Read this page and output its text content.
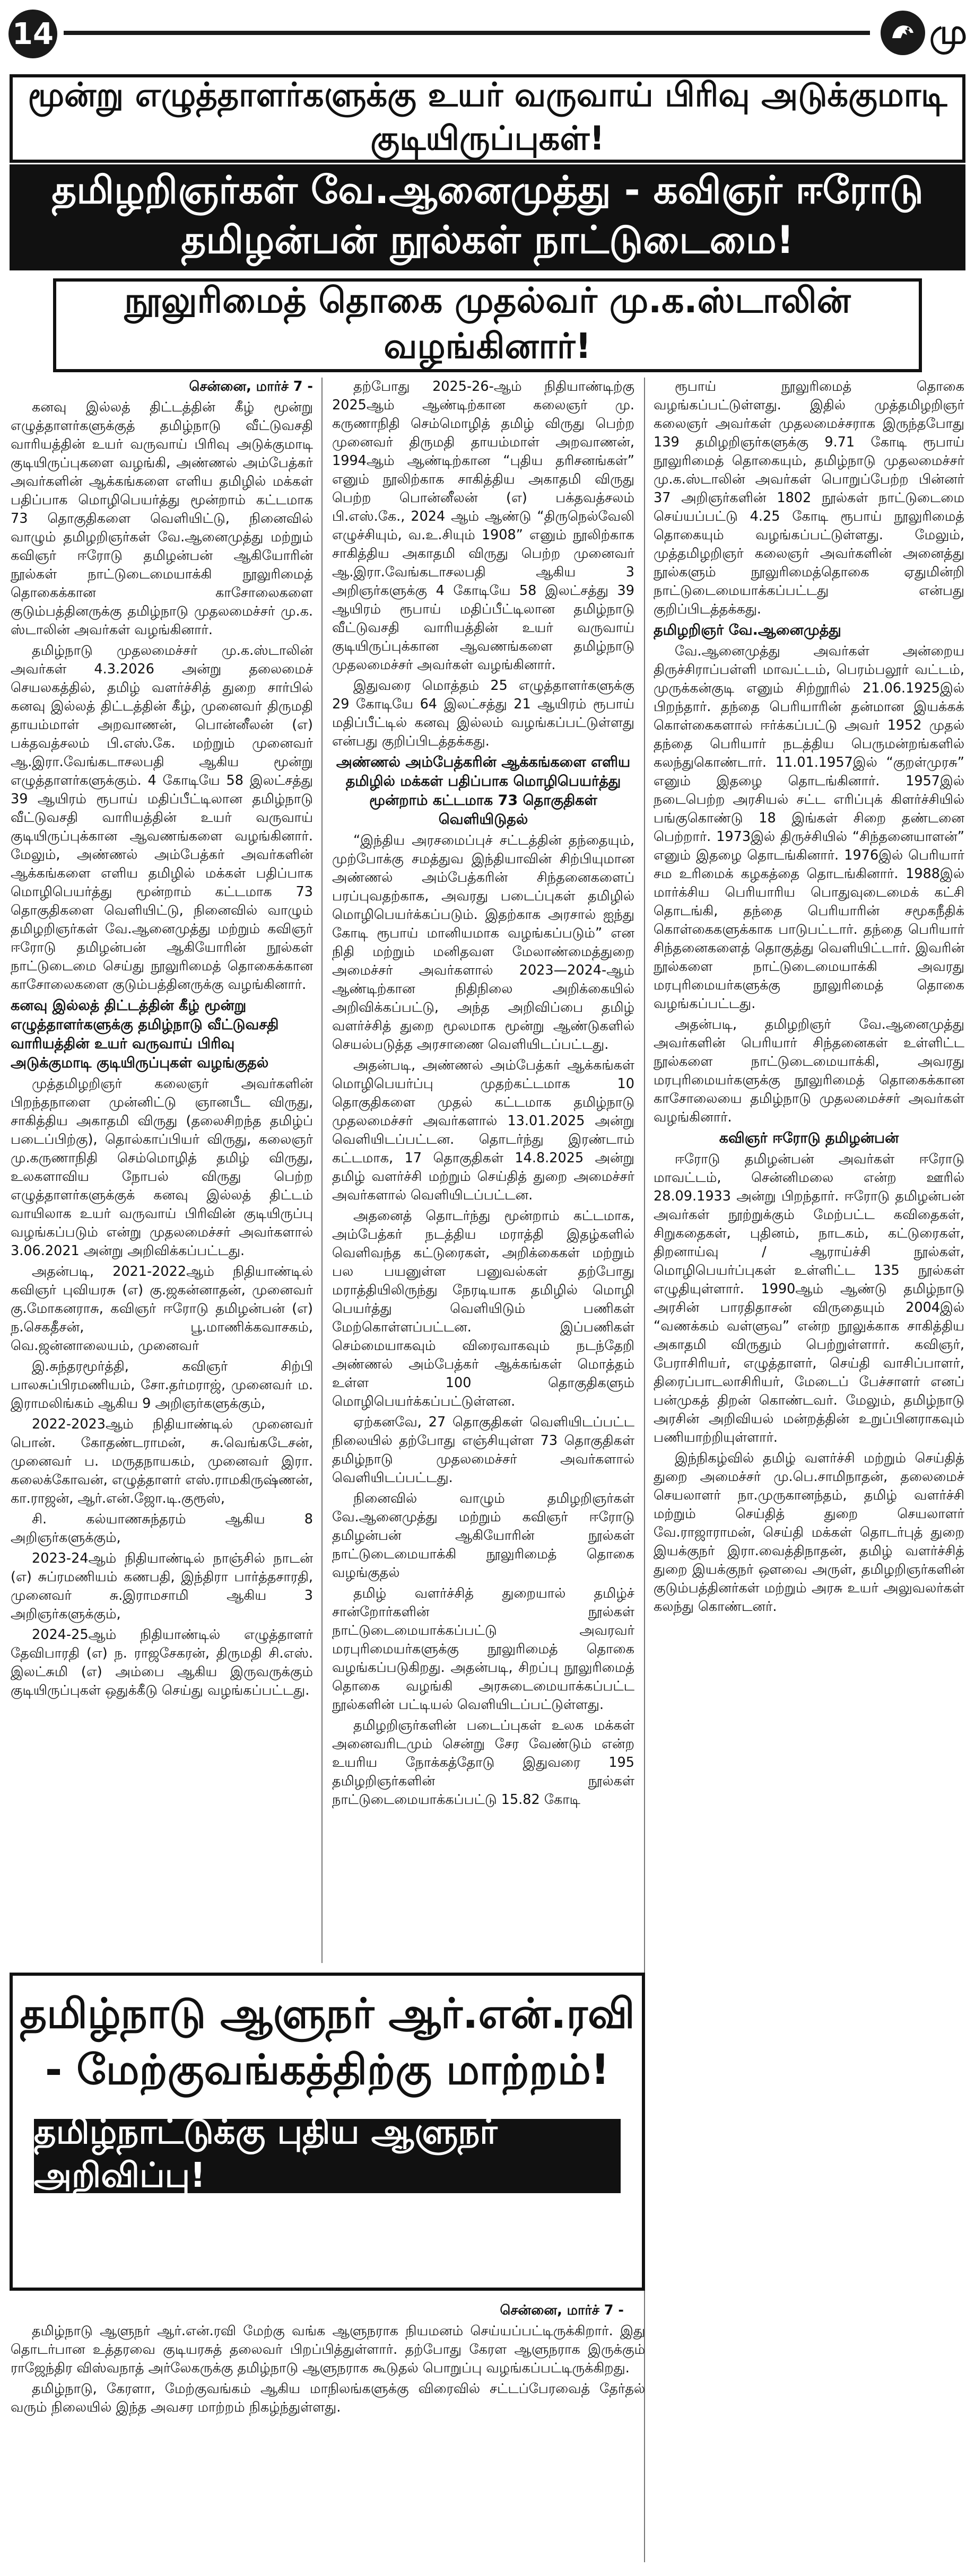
14	மு
மூன்று எழுத்தாளர்களுக்கு உயர் வருவாய் பிரிவு அடுக்குமாடி குடியிருப்புகள்!
தமிழறிஞர்கள் வே.ஆனைமுத்து - கவிஞர் ஈரோடு தமிழன்பன் நூல்கள் நாட்டுடைமை!
நூலுரிமைத் தொகை முதல்வர் மு.க.ஸ்டாலின் வழங்கினார்!

சென்னை, மார்ச் 7 -

கனவு இல்லத் திட்டத்தின் கீழ் மூன்று எழுத்தாளர்களுக்குத் தமிழ்நாடு வீட்டுவசதி வாரியத்தின் உயர் வருவாய் பிரிவு அடுக்குமாடி குடியிருப்புகளை வழங்கி, அண்ணல் அம்பேத்கர் அவர்களின் ஆக்கங்களை எளிய தமிழில் மக்கள் பதிப்பாக மொழிபெயர்த்து மூன்றாம் கட்டமாக 73 தொகுதிகளை வெளியிட்டு, நினைவில் வாழும் தமிழறிஞர்கள் வே.ஆனைமுத்து மற்றும் கவிஞர் ஈரோடு தமிழன்பன் ஆகியோரின் நூல்கள் நாட்டுடைமையாக்கி நூலுரிமைத் தொகைக்கான காசோலைகளை குடும்பத்தினருக்கு தமிழ்நாடு முதலமைச்சர் மு.க. ஸ்டாலின் அவர்கள் வழங்கினார்.

தமிழ்நாடு முதலமைச்சர் மு.க.ஸ்டாலின் அவர்கள் 4.3.2026 அன்று தலைமைச் செயலகத்தில், தமிழ் வளர்ச்சித் துறை சார்பில் கனவு இல்லத் திட்டத்தின் கீழ், முனைவர் திருமதி தாயம்மாள் அறவாணன், பொன்னீலன் (எ) பக்தவத்சலம் பி.எஸ்.கே. மற்றும் முனைவர் ஆ.இரா.வேங்கடாசலபதி ஆகிய மூன்று எழுத்தாளர்களுக்கும். 4 கோடியே 58 இலட்சத்து 39 ஆயிரம் ரூபாய் மதிப்பீட்டிலான தமிழ்நாடு வீட்டுவசதி வாரியத்தின் உயர் வருவாய் குடியிருப்புக்கான ஆவணங்களை வழங்கினார். மேலும், அண்ணல் அம்பேத்கர் அவர்களின் ஆக்கங்களை எளிய தமிழில் மக்கள் பதிப்பாக மொழிபெயர்த்து மூன்றாம் கட்டமாக 73 தொகுதிகளை வெளியிட்டு, நினைவில் வாழும் தமிழறிஞர்கள் வே.ஆனைமுத்து மற்றும் கவிஞர் ஈரோடு தமிழன்பன் ஆகியோரின் நூல்கள் நாட்டுடைமை செய்து நூலுரிமைத் தொகைக்கான காசோலைகளை குடும்பத்தினருக்கு வழங்கினார்.

கனவு இல்லத் திட்டத்தின் கீழ் மூன்று எழுத்தாளர்களுக்கு தமிழ்நாடு வீட்டுவசதி வாரியத்தின் உயர் வருவாய் பிரிவு அடுக்குமாடி குடியிருப்புகள் வழங்குதல்

முத்தமிழறிஞர் கலைஞர் அவர்களின் பிறந்தநாளை முன்னிட்டு ஞானபீட விருது, சாகித்திய அகாதமி விருது (தலைசிறந்த தமிழ்ப் படைப்பிற்கு), தொல்காப்பியர் விருது, கலைஞர் மு.கருணாநிதி செம்மொழித் தமிழ் விருது, உலகளாவிய நோபல் விருது பெற்ற எழுத்தாளர்களுக்குக் கனவு இல்லத் திட்டம் வாயிலாக உயர் வருவாய் பிரிவின் குடியிருப்பு வழங்கப்படும் என்று முதலமைச்சர் அவர்களால் 3.06.2021 அன்று அறிவிக்கப்பட்டது.

அதன்படி, 2021-2022ஆம் நிதியாண்டில் கவிஞர் புவியரசு (எ) கு.ஜகன்னாதன், முனைவர் கு.மோகனராசு, கவிஞர் ஈரோடு தமிழன்பன் (எ) ந.செகதீசன், பூ.மாணிக்கவாசகம், வெ.ஜன்னாலையம், முனைவர்

இ.சுந்தரமூர்த்தி, கவிஞர் சிற்பி பாலசுப்பிரமணியம், சோ.தர்மராஜ், முனைவர் ம. இராமலிங்கம் ஆகிய 9 அறிஞர்களுக்கும்,

2022-2023ஆம் நிதியாண்டில் முனைவர் பொன். கோதண்டராமன், சு.வெங்கடேசன், முனைவர் ப. மருதநாயகம், முனைவர் இரா. கலைக்கோவன், எழுத்தாளர் எஸ்.ராமகிருஷ்ணன், கா.ராஜன், ஆர்.என்.ஜோ.டி.குரூஸ்,

சி. கல்யாணசுந்தரம் ஆகிய 8 அறிஞர்களுக்கும்,

2023-24ஆம் நிதியாண்டில் நாஞ்சில் நாடன் (எ) சுப்ரமணியம் கணபதி, இந்திரா பார்த்தசாரதி, முனைவர் சு.இராமசாமி ஆகிய 3 அறிஞர்களுக்கும்,

2024-25ஆம் நிதியாண்டில் எழுத்தாளர் தேவிபாரதி (எ) ந. ராஜசேகரன், திருமதி சி.எஸ். இலட்சுமி (எ) அம்பை ஆகிய இருவருக்கும் குடியிருப்புகள் ஒதுக்கீடு செய்து வழங்கப்பட்டது.

தற்போது 2025-26-ஆம் நிதியாண்டிற்கு 2025ஆம் ஆண்டிற்கான கலைஞர் மு. கருணாநிதி செம்மொழித் தமிழ் விருது பெற்ற முனைவர் திருமதி தாயம்மாள் அறவாணன், 1994ஆம் ஆண்டிற்கான “புதிய தரிசனங்கள்” எனும் நூலிற்காக சாகித்திய அகாதமி விருது பெற்ற பொன்னீலன் (எ) பக்தவத்சலம் பி.எஸ்.கே., 2024 ஆம் ஆண்டு “திருநெல்வேலி எழுச்சியும், வ.உ.சியும் 1908” எனும் நூலிற்காக சாகித்திய அகாதமி விருது பெற்ற முனைவர் ஆ.இரா.வேங்கடாசலபதி ஆகிய 3 அறிஞர்களுக்கு 4 கோடியே 58 இலட்சத்து 39 ஆயிரம் ரூபாய் மதிப்பீட்டிலான தமிழ்நாடு வீட்டுவசதி வாரியத்தின் உயர் வருவாய் குடியிருப்புக்கான ஆவணங்களை தமிழ்நாடு முதலமைச்சர் அவர்கள் வழங்கினார்.

இதுவரை மொத்தம் 25 எழுத்தாளர்களுக்கு 29 கோடியே 64 இலட்சத்து 21 ஆயிரம் ரூபாய் மதிப்பீட்டில் கனவு இல்லம் வழங்கப்பட்டுள்ளது என்பது குறிப்பிடத்தக்கது.

அண்ணல் அம்பேத்கரின் ஆக்கங்களை எளிய தமிழில் மக்கள் பதிப்பாக மொழிபெயர்த்து மூன்றாம் கட்டமாக 73 தொகுதிகள் வெளியிடுதல்

“இந்திய அரசமைப்புச் சட்டத்தின் தந்தையும், முற்போக்கு சமத்துவ இந்தியாவின் சிற்பியுமான அண்ணல் அம்பேத்கரின் சிந்தனைகளைப் பரப்புவதற்காக, அவரது படைப்புகள் தமிழில் மொழிபெயர்க்கப்படும். இதற்காக அரசால் ஐந்து கோடி ரூபாய் மானியமாக வழங்கப்படும்” என நிதி மற்றும் மனிதவள மேலாண்மைத்துறை அமைச்சர் அவர்களால் 2023—2024-ஆம் ஆண்டிற்கான நிதிநிலை அறிக்கையில் அறிவிக்கப்பட்டு, அந்த அறிவிப்பை தமிழ் வளர்ச்சித் துறை மூலமாக மூன்று ஆண்டுகளில் செயல்படுத்த அரசாணை வெளியிடப்பட்டது.

அதன்படி, அண்ணல் அம்பேத்கர் ஆக்கங்கள் மொழிபெயர்ப்பு முதற்கட்டமாக 10 தொகுதிகளை முதல் கட்டமாக தமிழ்நாடு முதலமைச்சர் அவர்களால் 13.01.2025 அன்று வெளியிடப்பட்டன. தொடர்ந்து இரண்டாம் கட்டமாக, 17 தொகுதிகள் 14.8.2025 அன்று தமிழ் வளர்ச்சி மற்றும் செய்தித் துறை அமைச்சர் அவர்களால் வெளியிடப்பட்டன.

அதனைத் தொடர்ந்து மூன்றாம் கட்டமாக, அம்பேத்கர் நடத்திய மராத்தி இதழ்களில் வெளிவந்த கட்டுரைகள், அறிக்கைகள் மற்றும் பல பயனுள்ள பனுவல்கள் தற்போது மராத்தியிலிருந்து நேரடியாக தமிழில் மொழி பெயர்த்து வெளியிடும் பணிகள் மேற்கொள்ளப்பட்டன. இப்பணிகள் செம்மையாகவும் விரைவாகவும் நடந்தேறி அண்ணல் அம்பேத்கர் ஆக்கங்கள் மொத்தம் உள்ள 100 தொகுதிகளும் மொழிபெயர்க்கப்பட்டுள்ளன.

ஏற்கனவே, 27 தொகுதிகள் வெளியிடப்பட்ட நிலையில் தற்போது எஞ்சியுள்ள 73 தொகுதிகள் தமிழ்நாடு முதலமைச்சர் அவர்களால் வெளியிடப்பட்டது.

நினைவில் வாழும் தமிழறிஞர்கள் வே.ஆனைமுத்து மற்றும் கவிஞர் ஈரோடு தமிழன்பன் ஆகியோரின் நூல்கள் நாட்டுடைமையாக்கி நூலுரிமைத் தொகை வழங்குதல்

தமிழ் வளர்ச்சித் துறையால் தமிழ்ச் சான்றோர்களின் நூல்கள் நாட்டுடைமையாக்கப்பட்டு அவரவர் மரபுரிமையர்களுக்கு நூலுரிமைத் தொகை வழங்கப்படுகிறது. அதன்படி, சிறப்பு நூலுரிமைத் தொகை வழங்கி அரசுடைமையாக்கப்பட்ட நூல்களின் பட்டியல் வெளியிடப்பட்டுள்ளது.

தமிழறிஞர்களின் படைப்புகள் உலக மக்கள் அனைவரிடமும் சென்று சேர வேண்டும் என்ற உயரிய நோக்கத்தோடு இதுவரை 195 தமிழறிஞர்களின் நூல்கள் நாட்டுடைமையாக்கப்பட்டு 15.82 கோடி

ரூபாய் நூலுரிமைத் தொகை வழங்கப்பட்டுள்ளது. இதில் முத்தமிழறிஞர் கலைஞர் அவர்கள் முதலமைச்சராக இருந்தபோது 139 தமிழறிஞர்களுக்கு 9.71 கோடி ரூபாய் நூலுரிமைத் தொகையும், தமிழ்நாடு முதலமைச்சர் மு.க.ஸ்டாலின் அவர்கள் பொறுப்பேற்ற பின்னர் 37 அறிஞர்களின் 1802 நூல்கள் நாட்டுடைமை செய்யப்பட்டு 4.25 கோடி ரூபாய் நூலுரிமைத் தொகையும் வழங்கப்பட்டுள்ளது. மேலும், முத்தமிழறிஞர் கலைஞர் அவர்களின் அனைத்து நூல்களும் நூலுரிமைத்தொகை ஏதுமின்றி நாட்டுடைமையாக்கப்பட்டது என்பது குறிப்பிடத்தக்கது.

தமிழறிஞர் வே.ஆனைமுத்து

வே.ஆனைமுத்து அவர்கள் அன்றைய திருச்சிராப்பள்ளி மாவட்டம், பெரம்பலூர் வட்டம், முருக்கன்குடி எனும் சிற்றூரில் 21.06.1925இல் பிறந்தார். தந்தை பெரியாரின் தன்மான இயக்கக் கொள்கைகளால் ஈர்க்கப்பட்டு அவர் 1952 முதல் தந்தை பெரியார் நடத்திய பெருமன்றங்களில் கலந்துகொண்டார். 11.01.1957இல் “குறள்முரசு” எனும் இதழை தொடங்கினார். 1957இல் நடைபெற்ற அரசியல் சட்ட எரிப்புக் கிளர்ச்சியில் பங்குகொண்டு 18 இங்கள் சிறை தண்டனை பெற்றார். 1973இல் திருச்சியில் “சிந்தனையாளன்” எனும் இதழை தொடங்கினார். 1976இல் பெரியார் சம உரிமைக் கழகத்தை தொடங்கினார். 1988இல் மார்க்சிய பெரியாரிய பொதுவுடைமைக் கட்சி தொடங்கி, தந்தை பெரியாரின் சமூகநீதிக் கொள்கைகளுக்காக பாடுபட்டார். தந்தை பெரியார் சிந்தனைகளைத் தொகுத்து வெளியிட்டார். இவரின் நூல்களை நாட்டுடைமையாக்கி அவரது மரபுரிமையர்களுக்கு நூலுரிமைத் தொகை வழங்கப்பட்டது.

அதன்படி, தமிழறிஞர் வே.ஆனைமுத்து அவர்களின் பெரியார் சிந்தனைகள் உள்ளிட்ட நூல்களை நாட்டுடைமையாக்கி, அவரது மரபுரிமையர்களுக்கு நூலுரிமைத் தொகைக்கான காசோலையை தமிழ்நாடு முதலமைச்சர் அவர்கள் வழங்கினார்.

கவிஞர் ஈரோடு தமிழன்பன்

ஈரோடு தமிழன்பன் அவர்கள் ஈரோடு மாவட்டம், சென்னிமலை என்ற ஊரில் 28.09.1933 அன்று பிறந்தார். ஈரோடு தமிழன்பன் அவர்கள் நூற்றுக்கும் மேற்பட்ட கவிதைகள், சிறுகதைகள், புதினம், நாடகம், கட்டுரைகள், திறனாய்வு / ஆராய்ச்சி நூல்கள், மொழிபெயர்ப்புகள் உள்ளிட்ட 135 நூல்கள் எழுதியுள்ளார். 1990ஆம் ஆண்டு தமிழ்நாடு அரசின் பாரதிதாசன் விருதையும் 2004இல் “வணக்கம் வள்ளுவ” என்ற நூலுக்காக சாகித்திய அகாதமி விருதும் பெற்றுள்ளார். கவிஞர், பேராசிரியர், எழுத்தாளர், செய்தி வாசிப்பாளர், திரைப்பாடலாசிரியர், மேடைப் பேச்சாளர் எனப் பன்முகத் திறன் கொண்டவர். மேலும், தமிழ்நாடு அரசின் அறிவியல் மன்றத்தின் உறுப்பினராகவும் பணியாற்றியுள்ளார்.

இந்நிகழ்வில் தமிழ் வளர்ச்சி மற்றும் செய்தித் துறை அமைச்சர் மு.பெ.சாமிநாதன், தலைமைச் செயலாளர் நா.முருகானந்தம், தமிழ் வளர்ச்சி மற்றும் செய்தித் துறை செயலாளர் வே.ராஜாராமன், செய்தி மக்கள் தொடர்புத் துறை இயக்குநர் இரா.வைத்திநாதன், தமிழ் வளர்ச்சித் துறை இயக்குநர் ஔவை அருள், தமிழறிஞர்களின் குடும்பத்தினர்கள் மற்றும் அரசு உயர் அலுவலர்கள் கலந்து கொண்டனர்.

தமிழ்நாடு ஆளுநர் ஆர்.என்.ரவி
- மேற்குவங்கத்திற்கு மாற்றம்!
தமிழ்நாட்டுக்கு புதிய ஆளுநர் அறிவிப்பு!

சென்னை, மார்ச் 7 -

தமிழ்நாடு ஆளுநர் ஆர்.என்.ரவி மேற்கு வங்க ஆளுநராக நியமனம் செய்யப்பட்டிருக்கிறார். இது தொடர்பான உத்தரவை குடியரசுத் தலைவர் பிறப்பித்துள்ளார். தற்போது கேரள ஆளுநராக இருக்கும் ராஜேந்திர விஸ்வநாத் அர்லேகருக்கு தமிழ்நாடு ஆளுநராக கூடுதல் பொறுப்பு வழங்கப்பட்டிருக்கிறது.

தமிழ்நாடு, கேரளா, மேற்குவங்கம் ஆகிய மாநிலங்களுக்கு விரைவில் சட்டப்பேரவைத் தேர்தல் வரும் நிலையில் இந்த அவசர மாற்றம் நிகழ்ந்துள்ளது.
